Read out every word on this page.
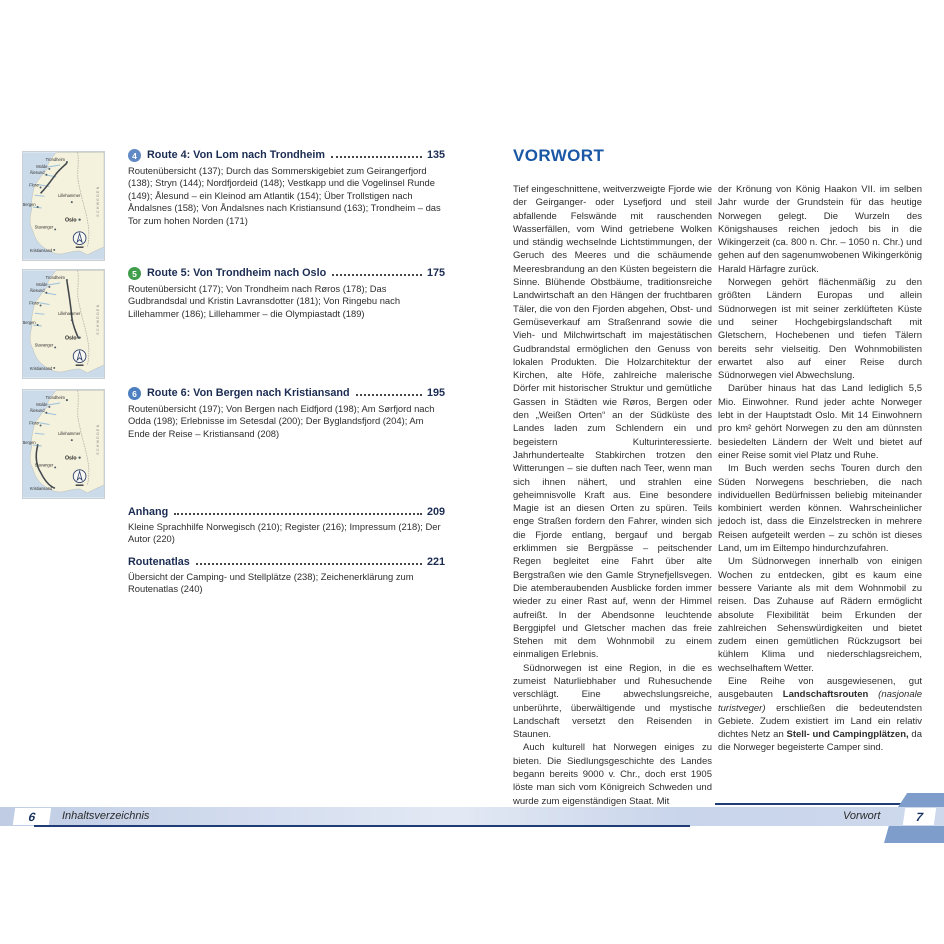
Trondheim
Molde
Ålesund
Florø
Lillehammer
Bergen
Oslo
Stavanger
Kristiansand
SCHWEDEN
4 Route 4: Von Lom nach Trondheim	135

Routenübersicht (137); Durch das Sommerskigebiet zum Geirangerfjord (138); Stryn (144); Nordfjordeid (148); Vestkapp und die Vogelinsel Runde (149); Ålesund – ein Kleinod am Atlantik (154); Über Trollstigen nach Åndalsnes (158); Von Åndalsnes nach Kristiansund (163); Trondheim – das Tor zum hohen Norden (171)

Trondheim
Molde
Ålesund
Florø
Lillehammer
Bergen
Oslo
Stavanger
Kristiansand
SCHWEDEN
5 Route 5: Von Trondheim nach Oslo	175

Routenübersicht (177); Von Trondheim nach Røros (178); Das Gudbrandsdal und Kristin Lavransdotter (181); Von Ringebu nach Lillehammer (186); Lillehammer – die Olympiastadt (189)

Trondheim
Molde
Ålesund
Florø
Lillehammer
Bergen
Oslo
Stavanger
Kristiansand
SCHWEDEN
6 Route 6: Von Bergen nach Kristiansand	195

Routenübersicht (197); Von Bergen nach Eidfjord (198); Am Sørfjord nach Odda (198); Erlebnisse im Setesdal (200); Der Byglandsfjord (204); Am Ende der Reise – Kristiansand (208)

Anhang	209

Kleine Sprachhilfe Norwegisch (210); Register (216); Impressum (218); Der Autor (220)

Routenatlas	221

Übersicht der Camping- und Stellplätze (238); Zeichenerklärung zum Routenatlas (240)

VORWORT

Tief eingeschnittene, weitverzweigte Fjorde wie der Geirganger- oder Lysefjord und steil abfallende Felswände mit rauschenden Wasserfällen, vom Wind getriebene Wolken und ständig wechselnde Lichtstimmungen, der Geruch des Meeres und die schäumende Meeresbrandung an den Küsten begeistern die Sinne. Blühende Obstbäume, traditionsreiche Landwirtschaft an den Hängen der fruchtbaren Täler, die von den Fjorden abgehen, Obst- und Gemüseverkauf am Straßenrand sowie die Vieh- und Milchwirtschaft im majestätischen Gudbrandstal ermöglichen den Genuss von lokalen Produkten. Die Holzarchitektur der Kirchen, alte Höfe, zahlreiche malerische Dörfer mit historischer Struktur und gemütliche Gassen in Städten wie Røros, Bergen oder den „Weißen Orten“ an der Südküste des Landes laden zum Schlendern ein und begeistern Kulturinteressierte. Jahrhundertealte Stabkirchen trotzen den Witterungen – sie duften nach Teer, wenn man sich ihnen nähert, und strahlen eine geheimnisvolle Kraft aus. Eine besondere Magie ist an diesen Orten zu spüren. Teils enge Straßen fordern den Fahrer, winden sich die Fjorde entlang, bergauf und bergab erklimmen sie Bergpässe – peitschender Regen begleitet eine Fahrt über alte Bergstraßen wie den Gamle Strynefjellsvegen. Die atemberaubenden Ausblicke forden immer wieder zu einer Rast auf, wenn der Himmel aufreißt. In der Abendsonne leuchtende Berggipfel und Gletscher machen das freie Stehen mit dem Wohnmobil zu einem einmaligen Erlebnis.

Südnorwegen ist eine Region, in die es zumeist Naturliebhaber und Ruhesuchende verschlägt. Eine abwechslungsreiche, unberührte, überwältigende und mystische Landschaft versetzt den Reisenden in Staunen.

Auch kulturell hat Norwegen einiges zu bieten. Die Siedlungsgeschichte des Landes begann bereits 9000 v. Chr., doch erst 1905 löste man sich vom Königreich Schweden und wurde zum eigenständigen Staat. Mit

der Krönung von König Haakon VII. im selben Jahr wurde der Grundstein für das heutige Norwegen gelegt. Die Wurzeln des Königshauses reichen jedoch bis in die Wikingerzeit (ca. 800 n. Chr. – 1050 n. Chr.) und gehen auf den sagenumwobenen Wikingerkönig Harald Härfagre zurück.

Norwegen gehört flächenmäßig zu den größten Ländern Europas und allein Südnorwegen ist mit seiner zerklüfteten Küste und seiner Hochgebirgslandschaft mit Gletschern, Hochebenen und tiefen Tälern bereits sehr vielseitig. Den Wohnmobilisten erwartet also auf einer Reise durch Südnorwegen viel Abwechslung.

Darüber hinaus hat das Land lediglich 5,5 Mio. Einwohner. Rund jeder achte Norweger lebt in der Hauptstadt Oslo. Mit 14 Einwohnern pro km² gehört Norwegen zu den am dünnsten besiedelten Ländern der Welt und bietet auf einer Reise somit viel Platz und Ruhe.

Im Buch werden sechs Touren durch den Süden Norwegens beschrieben, die nach individuellen Bedürfnissen beliebig miteinander kombiniert werden können. Wahrscheinlicher jedoch ist, dass die Einzelstrecken in mehrere Reisen aufgeteilt werden – zu schön ist dieses Land, um im Eiltempo hindurchzufahren.

Um Südnorwegen innerhalb von einigen Wochen zu entdecken, gibt es kaum eine bessere Variante als mit dem Wohnmobil zu reisen. Das Zuhause auf Rädern ermöglicht absolute Flexibilität beim Erkunden der zahlreichen Sehenswürdigkeiten und bietet zudem einen gemütlichen Rückzugsort bei kühlem Klima und niederschlagsreichem, wechselhaftem Wetter.

Eine Reihe von ausgewiesenen, gut ausgebauten Landschaftsrouten (nasjonale turistveger) erschließen die bedeutendsten Gebiete. Zudem existiert im Land ein relativ dichtes Netz an Stell- und Campingplätzen, da die Norweger begeisterte Camper sind.

6	Inhaltsverzeichnis	Vorwort	7
